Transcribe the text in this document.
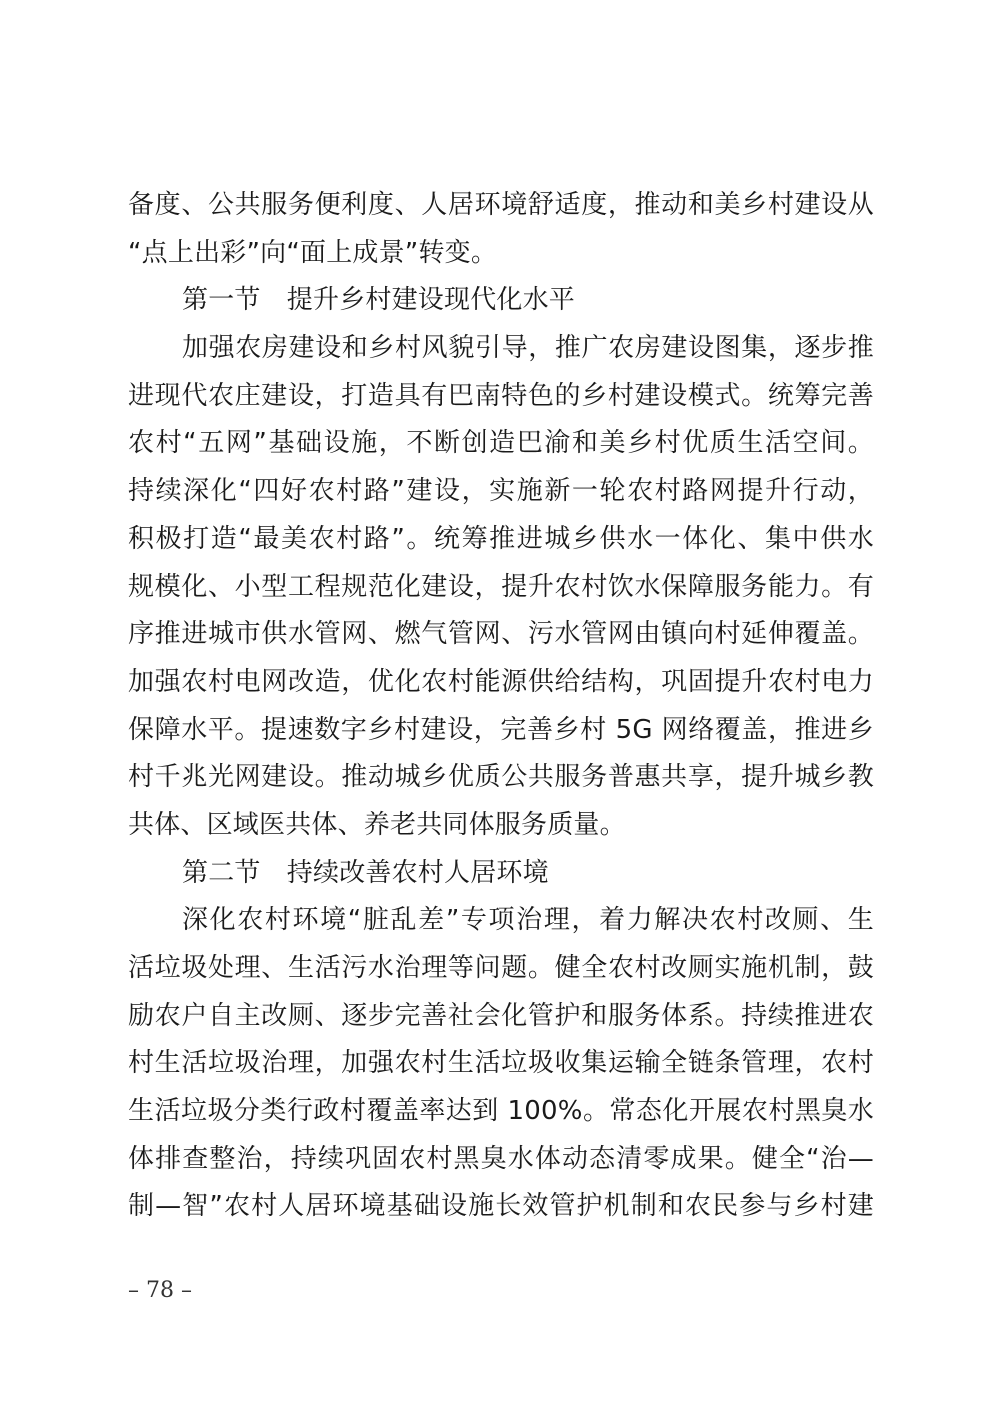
备度、公共服务便利度、人居环境舒适度，推动和美乡村建设从
“点上出彩”向“面上成景”转变。
第一节　提升乡村建设现代化水平
加强农房建设和乡村风貌引导，推广农房建设图集，逐步推
进现代农庄建设，打造具有巴南特色的乡村建设模式。统筹完善
农村“五网”基础设施，不断创造巴渝和美乡村优质生活空间。
持续深化“四好农村路”建设，实施新一轮农村路网提升行动，
积极打造“最美农村路”。统筹推进城乡供水一体化、集中供水
规模化、小型工程规范化建设，提升农村饮水保障服务能力。有
序推进城市供水管网、燃气管网、污水管网由镇向村延伸覆盖。
加强农村电网改造，优化农村能源供给结构，巩固提升农村电力
保障水平。提速数字乡村建设，完善乡村 5G 网络覆盖，推进乡
村千兆光网建设。推动城乡优质公共服务普惠共享，提升城乡教
共体、区域医共体、养老共同体服务质量。
第二节　持续改善农村人居环境
深化农村环境“脏乱差”专项治理，着力解决农村改厕、生
活垃圾处理、生活污水治理等问题。健全农村改厕实施机制，鼓
励农户自主改厕、逐步完善社会化管护和服务体系。持续推进农
村生活垃圾治理，加强农村生活垃圾收集运输全链条管理，农村
生活垃圾分类行政村覆盖率达到 100%。常态化开展农村黑臭水
体排查整治，持续巩固农村黑臭水体动态清零成果。健全“治—
制—智”农村人居环境基础设施长效管护机制和农民参与乡村建
– 78 –
